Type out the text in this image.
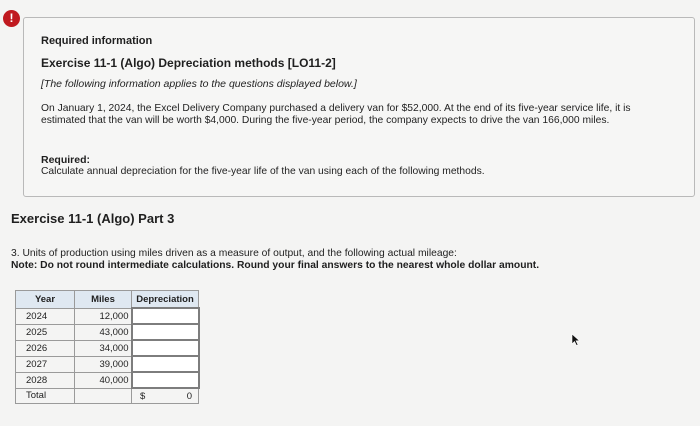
!
Required information
Exercise 11-1 (Algo) Depreciation methods [LO11-2]
[The following information applies to the questions displayed below.]
On January 1, 2024, the Excel Delivery Company purchased a delivery van for $52,000. At the end of its five-year service life, it is estimated that the van will be worth $4,000. During the five-year period, the company expects to drive the van 166,000 miles.
Required:
Calculate annual depreciation for the five-year life of the van using each of the following methods.
Exercise 11-1 (Algo) Part 3
3. Units of production using miles driven as a measure of output, and the following actual mileage:
Note: Do not round intermediate calculations. Round your final answers to the nearest whole dollar amount.
Year	Miles	Depreciation
2024	12,000	

2025	43,000	

2026	34,000	

2027	39,000	

2028	40,000	

Total		$ 0
